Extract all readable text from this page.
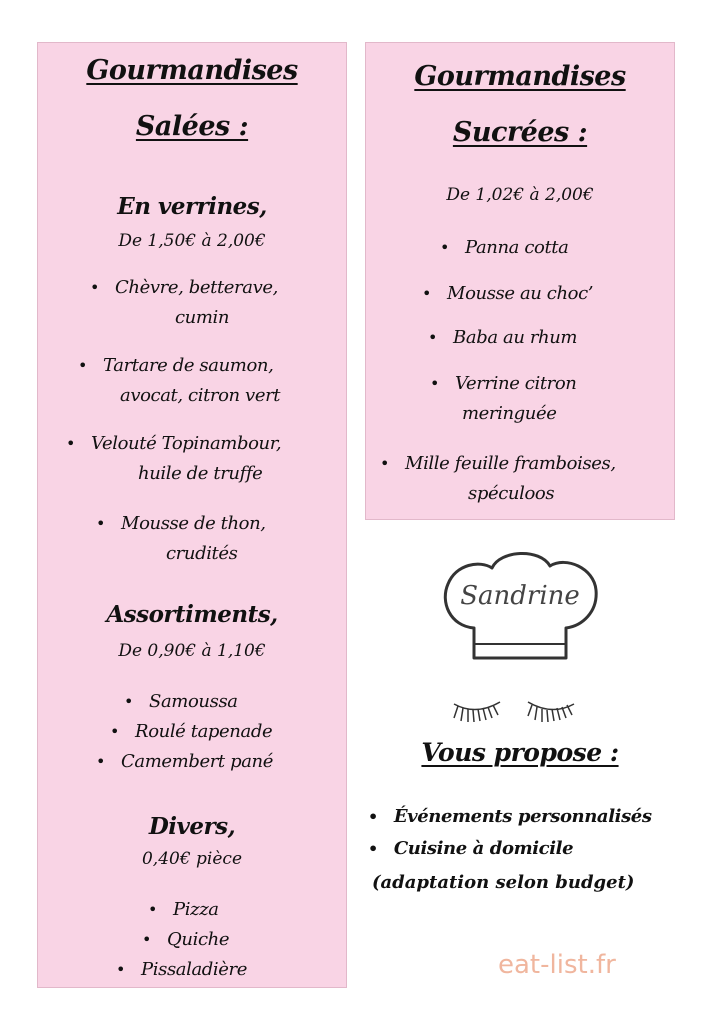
Gourmandises
Salées :
En verrines,
De 1,50€ à 2,00€
• Chèvre, betterave,
cumin
• Tartare de saumon,
avocat, citron vert
• Velouté Topinambour,
huile de truffe
• Mousse de thon,
crudités
Assortiments,
De 0,90€ à 1,10€
• Samoussa
• Roulé tapenade
• Camembert pané
Divers,
0,40€ pièce
• Pizza
• Quiche
• Pissaladière
Gourmandises
Sucrées :
De 1,02€ à 2,00€
• Panna cotta
• Mousse au choc’
• Baba au rhum
• Verrine citron
meringuée
• Mille feuille framboises,
spéculoos
Sandrine
Vous propose :
• Événements personnalisés
• Cuisine à domicile
(adaptation selon budget)
eat-list.fr
